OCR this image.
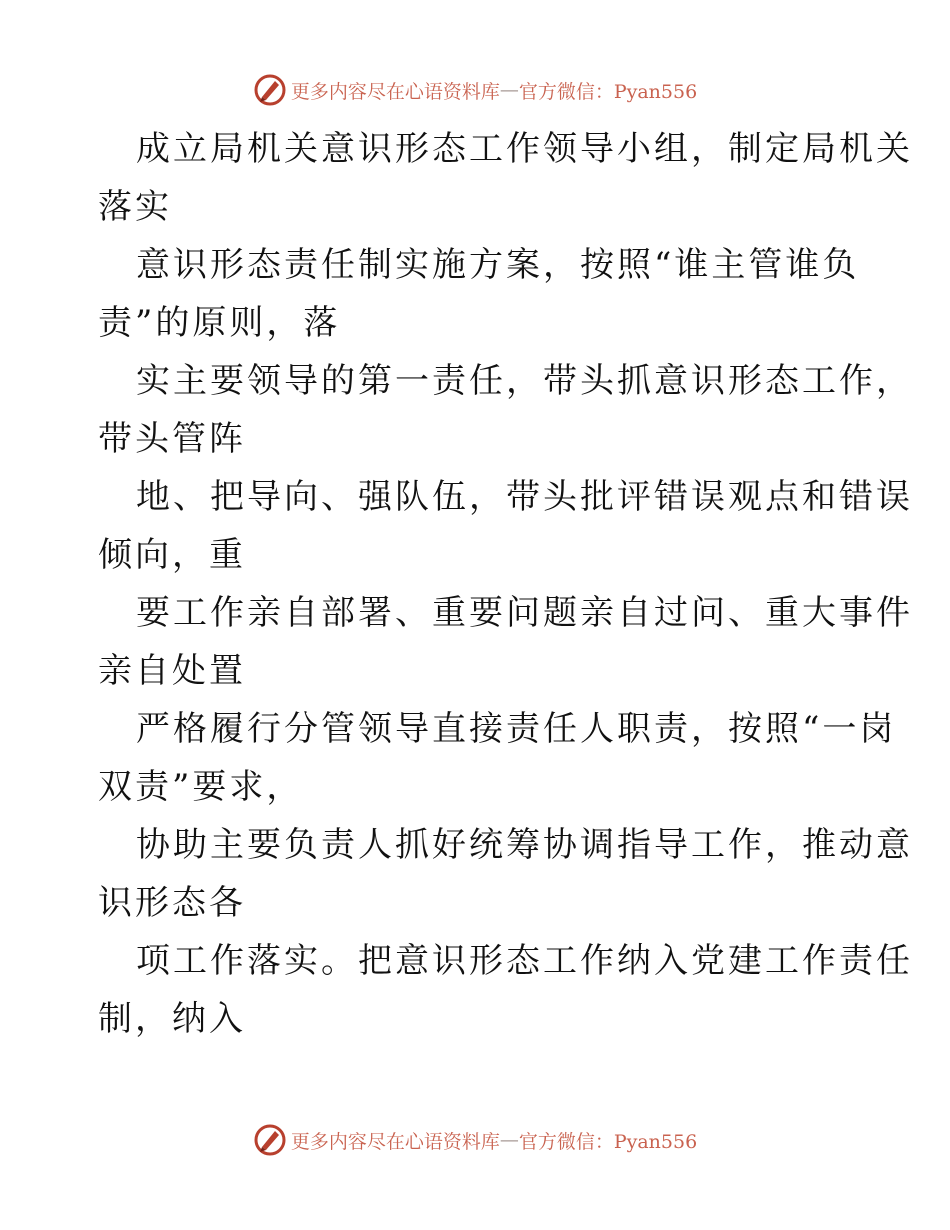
更多内容尽在心语资料库 — 官方微信：Pyan556

成立局机关意识形态工作领导小组，制定局机关
落实

意识形态责任制实施方案，按照“谁主管谁负
责”的原则，落

实主要领导的第一责任，带头抓意识形态工作，
带头管阵

地、把导向、强队伍，带头批评错误观点和错误
倾向，重

要工作亲自部署、重要问题亲自过问、重大事件
亲自处置

严格履行分管领导直接责任人职责，按照“一岗
双责”要求，

协助主要负责人抓好统筹协调指导工作，推动意
识形态各

项工作落实。把意识形态工作纳入党建工作责任
制，纳入

更多内容尽在心语资料库 — 官方微信：Pyan556
